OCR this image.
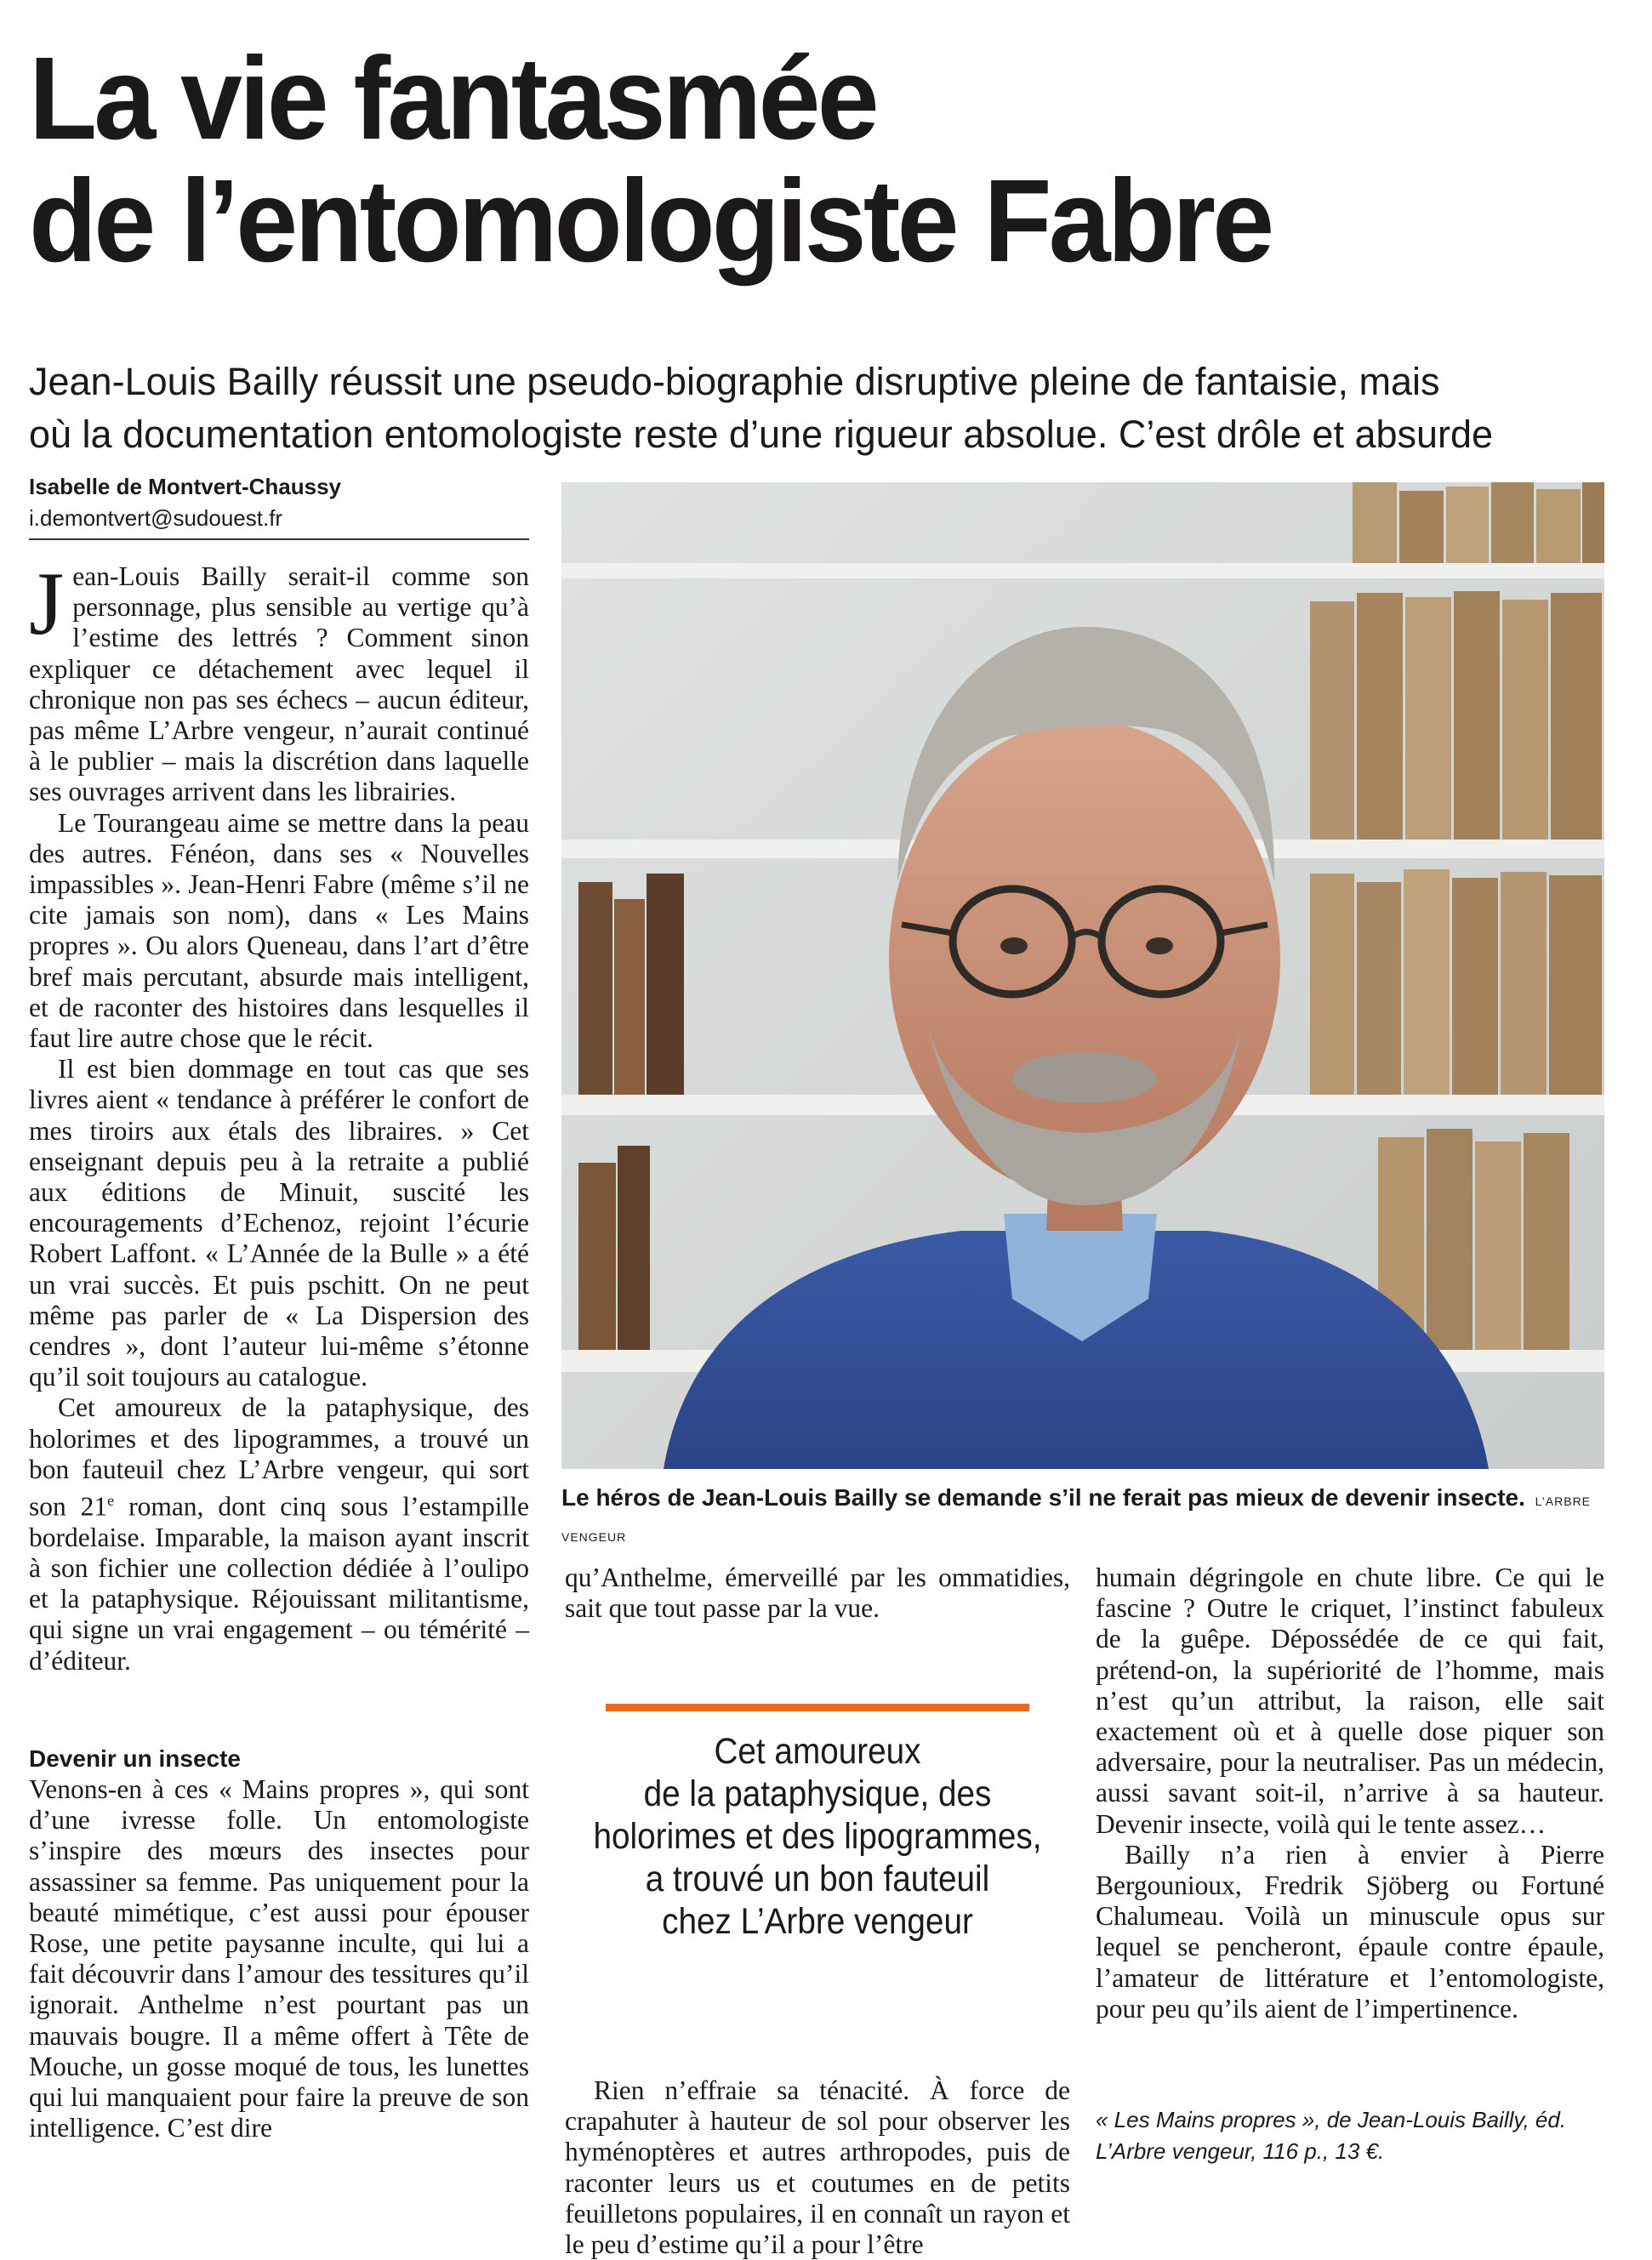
La vie fantasmée
de l’entomologiste Fabre

Jean-Louis Bailly réussit une pseudo-biographie disruptive pleine de fantaisie, mais
où la documentation entomologiste reste d’une rigueur absolue. C’est drôle et absurde

Isabelle de Montvert-Chaussy
i.demontvert@sudouest.fr

Jean-Louis Bailly serait-il comme son personnage, plus sensible au vertige qu’à l’estime des lettrés ? Comment sinon expliquer ce détachement avec lequel il chronique non pas ses échecs – aucun éditeur, pas même L’Arbre vengeur, n’aurait continué à le publier – mais la discrétion dans laquelle ses ouvrages arrivent dans les librairies.

Le Tourangeau aime se mettre dans la peau des autres. Fénéon, dans ses « Nouvelles impassibles ». Jean-Henri Fabre (même s’il ne cite jamais son nom), dans « Les Mains propres ». Ou alors Queneau, dans l’art d’être bref mais percutant, absurde mais intelligent, et de raconter des histoires dans lesquelles il faut lire autre chose que le récit.

Il est bien dommage en tout cas que ses livres aient « tendance à préférer le confort de mes tiroirs aux étals des libraires. » Cet enseignant depuis peu à la retraite a publié aux éditions de Minuit, suscité les encouragements d’Echenoz, rejoint l’écurie Robert Laffont. « L’Année de la Bulle » a été un vrai succès. Et puis pschitt. On ne peut même pas parler de « La Dispersion des cendres », dont l’auteur lui-même s’étonne qu’il soit toujours au catalogue.

Cet amoureux de la pataphysique, des holorimes et des lipogrammes, a trouvé un bon fauteuil chez L’Arbre vengeur, qui sort son 21e roman, dont cinq sous l’estampille bordelaise. Imparable, la maison ayant inscrit à son fichier une collection dédiée à l’oulipo et la pataphysique. Réjouissant militantisme, qui signe un vrai engagement – ou témérité – d’éditeur.

Devenir un insecte

Venons-en à ces « Mains propres », qui sont d’une ivresse folle. Un entomologiste s’inspire des mœurs des insectes pour assassiner sa femme. Pas uniquement pour la beauté mimétique, c’est aussi pour épouser Rose, une petite paysanne inculte, qui lui a fait découvrir dans l’amour des tessitures qu’il ignorait. Anthelme n’est pourtant pas un mauvais bougre. Il a même offert à Tête de Mouche, un gosse moqué de tous, les lunettes qui lui manquaient pour faire la preuve de son intelligence. C’est dire

Le héros de Jean-Louis Bailly se demande s’il ne ferait pas mieux de devenir insecte. L’ARBRE VENGEUR

qu’Anthelme, émerveillé par les ommatidies, sait que tout passe par la vue.

Rien n’effraie sa ténacité. À force de crapahuter à hauteur de sol pour observer les hyménoptères et autres arthropodes, puis de raconter leurs us et coutumes en de petits feuilletons populaires, il en connaît un rayon et le peu d’estime qu’il a pour l’être

Cet amoureux
de la pataphysique, des
holorimes et des lipogrammes,
a trouvé un bon fauteuil
chez L’Arbre vengeur

humain dégringole en chute libre. Ce qui le fascine ? Outre le criquet, l’instinct fabuleux de la guêpe. Dépossédée de ce qui fait, prétend-on, la supériorité de l’homme, mais n’est qu’un attribut, la raison, elle sait exactement où et à quelle dose piquer son adversaire, pour la neutraliser. Pas un médecin, aussi savant soit-il, n’arrive à sa hauteur. Devenir insecte, voilà qui le tente assez…

Bailly n’a rien à envier à Pierre Bergounioux, Fredrik Sjöberg ou Fortuné Chalumeau. Voilà un minuscule opus sur lequel se pencheront, épaule contre épaule, l’amateur de littérature et l’entomologiste, pour peu qu’ils aient de l’impertinence.

« Les Mains propres », de Jean-Louis Bailly, éd. L’Arbre vengeur, 116 p., 13 €.
